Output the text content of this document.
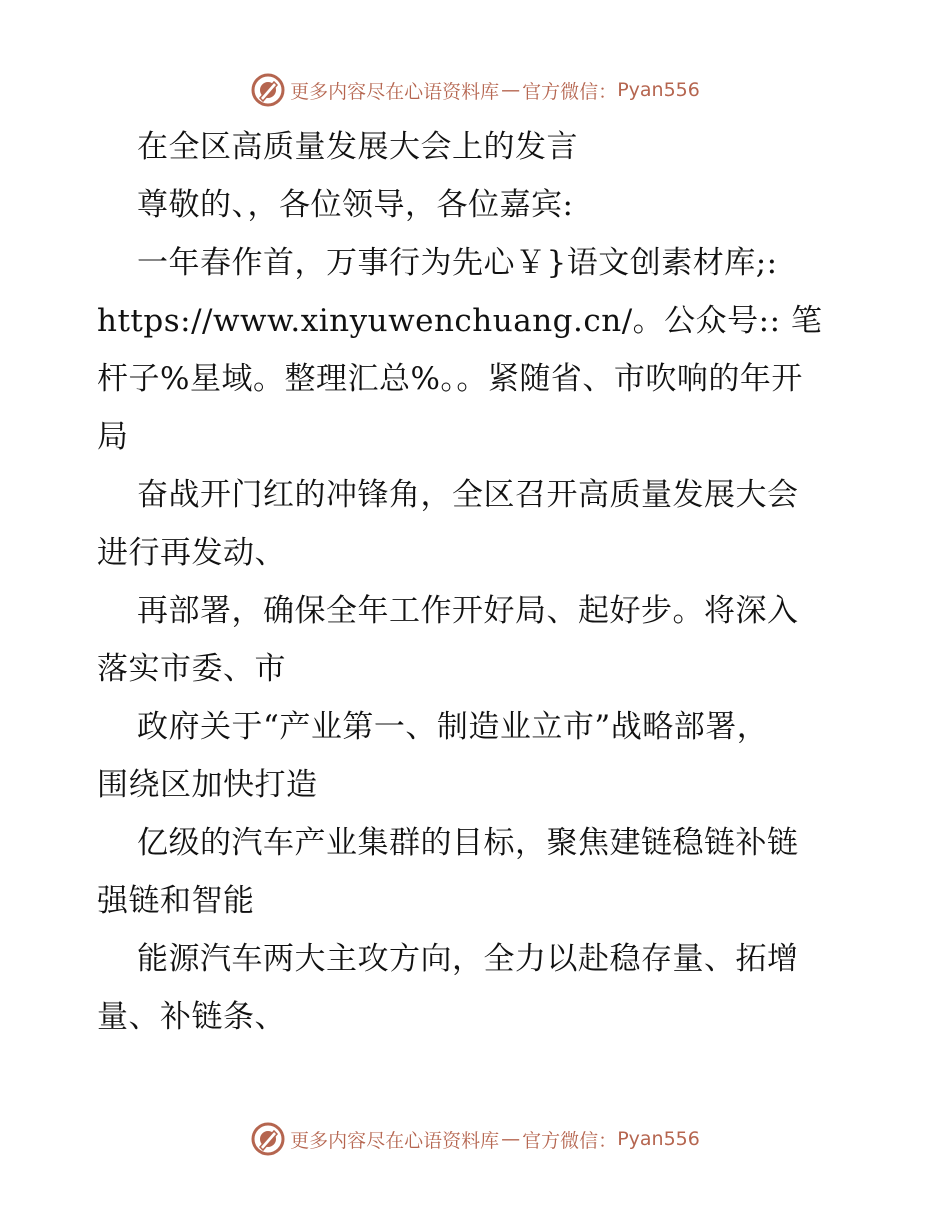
更多内容尽在心语资料库 — 官方微信： Pyan556
在全区高质量发展大会上的发言
尊敬的、，各位领导，各位嘉宾:
一年春作首，万事行为先心￥}语文创素材库;:
https://www.xinyuwenchuang.cn/。公众号:: 笔
杆子%星域。整理汇总%。。紧随省、市吹响的年开
局
奋战开门红的冲锋角，全区召开高质量发展大会
进行再发动、
再部署，确保全年工作开好局、起好步。将深入
落实市委、市
政府关于“产业第一、制造业立市”战略部署，
围绕区加快打造
亿级的汽车产业集群的目标，聚焦建链稳链补链
强链和智能
能源汽车两大主攻方向，全力以赴稳存量、拓增
量、补链条、
更多内容尽在心语资料库 — 官方微信： Pyan556
